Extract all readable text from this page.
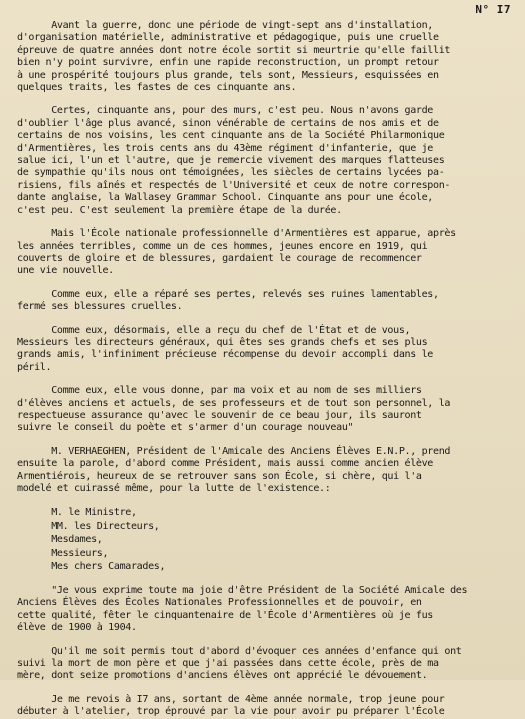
N° I7
Avant la guerre, donc une période de vingt-sept ans d'installation,
d'organisation matérielle, administrative et pédagogique, puis une cruelle
épreuve de quatre années dont notre école sortit si meurtrie qu'elle faillit
bien n'y point survivre, enfin une rapide reconstruction, un prompt retour
à une prospérité toujours plus grande, tels sont, Messieurs, esquissées en
quelques traits, les fastes de ces cinquante ans.
Certes, cinquante ans, pour des murs, c'est peu. Nous n'avons garde
d'oublier l'âge plus avancé, sinon vénérable de certains de nos amis et de
certains de nos voisins, les cent cinquante ans de la Société Philarmonique
d'Armentières, les trois cents ans du 43ème régiment d'infanterie, que je
salue ici, l'un et l'autre, que je remercie vivement des marques flatteuses
de sympathie qu'ils nous ont témoignées, les siècles de certains lycées pa-
risiens, fils aînés et respectés de l'Université et ceux de notre correspon-
dante anglaise, la Wallasey Grammar School. Cinquante ans pour une école,
c'est peu. C'est seulement la première étape de la durée.
Mais l'École nationale professionnelle d'Armentières est apparue, après
les années terribles, comme un de ces hommes, jeunes encore en 1919, qui
couverts de gloire et de blessures, gardaient le courage de recommencer
une vie nouvelle.
Comme eux, elle a réparé ses pertes, relevés ses ruines lamentables,
fermé ses blessures cruelles.
Comme eux, désormais, elle a reçu du chef de l'État et de vous,
Messieurs les directeurs généraux, qui êtes ses grands chefs et ses plus
grands amis, l'infiniment précieuse récompense du devoir accompli dans le
péril.
Comme eux, elle vous donne, par ma voix et au nom de ses milliers
d'élèves anciens et actuels, de ses professeurs et de tout son personnel, la
respectueuse assurance qu'avec le souvenir de ce beau jour, ils sauront
suivre le conseil du poète et s'armer d'un courage nouveau"
M. VERHAEGHEN, Président de l'Amicale des Anciens Élèves E.N.P., prend
ensuite la parole, d'abord comme Président, mais aussi comme ancien élève
Armentiérois, heureux de se retrouver sans son École, si chère, qui l'a
modelé et cuirassé même, pour la lutte de l'existence.:
M. le Ministre,
MM. les Directeurs,
Mesdames,
Messieurs,
Mes chers Camarades,
"Je vous exprime toute ma joie d'être Président de la Société Amicale des
Anciens Élèves des Écoles Nationales Professionnelles et de pouvoir, en
cette qualité, fêter le cinquantenaire de l'École d'Armentières où je fus
élève de 1900 à 1904.
Qu'il me soit permis tout d'abord d'évoquer ces années d'enfance qui ont
suivi la mort de mon père et que j'ai passées dans cette école, près de ma
mère, dont seize promotions d'anciens élèves ont apprécié le dévouement.
Je me revois à I7 ans, sortant de 4ème année normale, trop jeune pour
débuter à l'atelier, trop éprouvé par la vie pour avoir pu préparer l'École
